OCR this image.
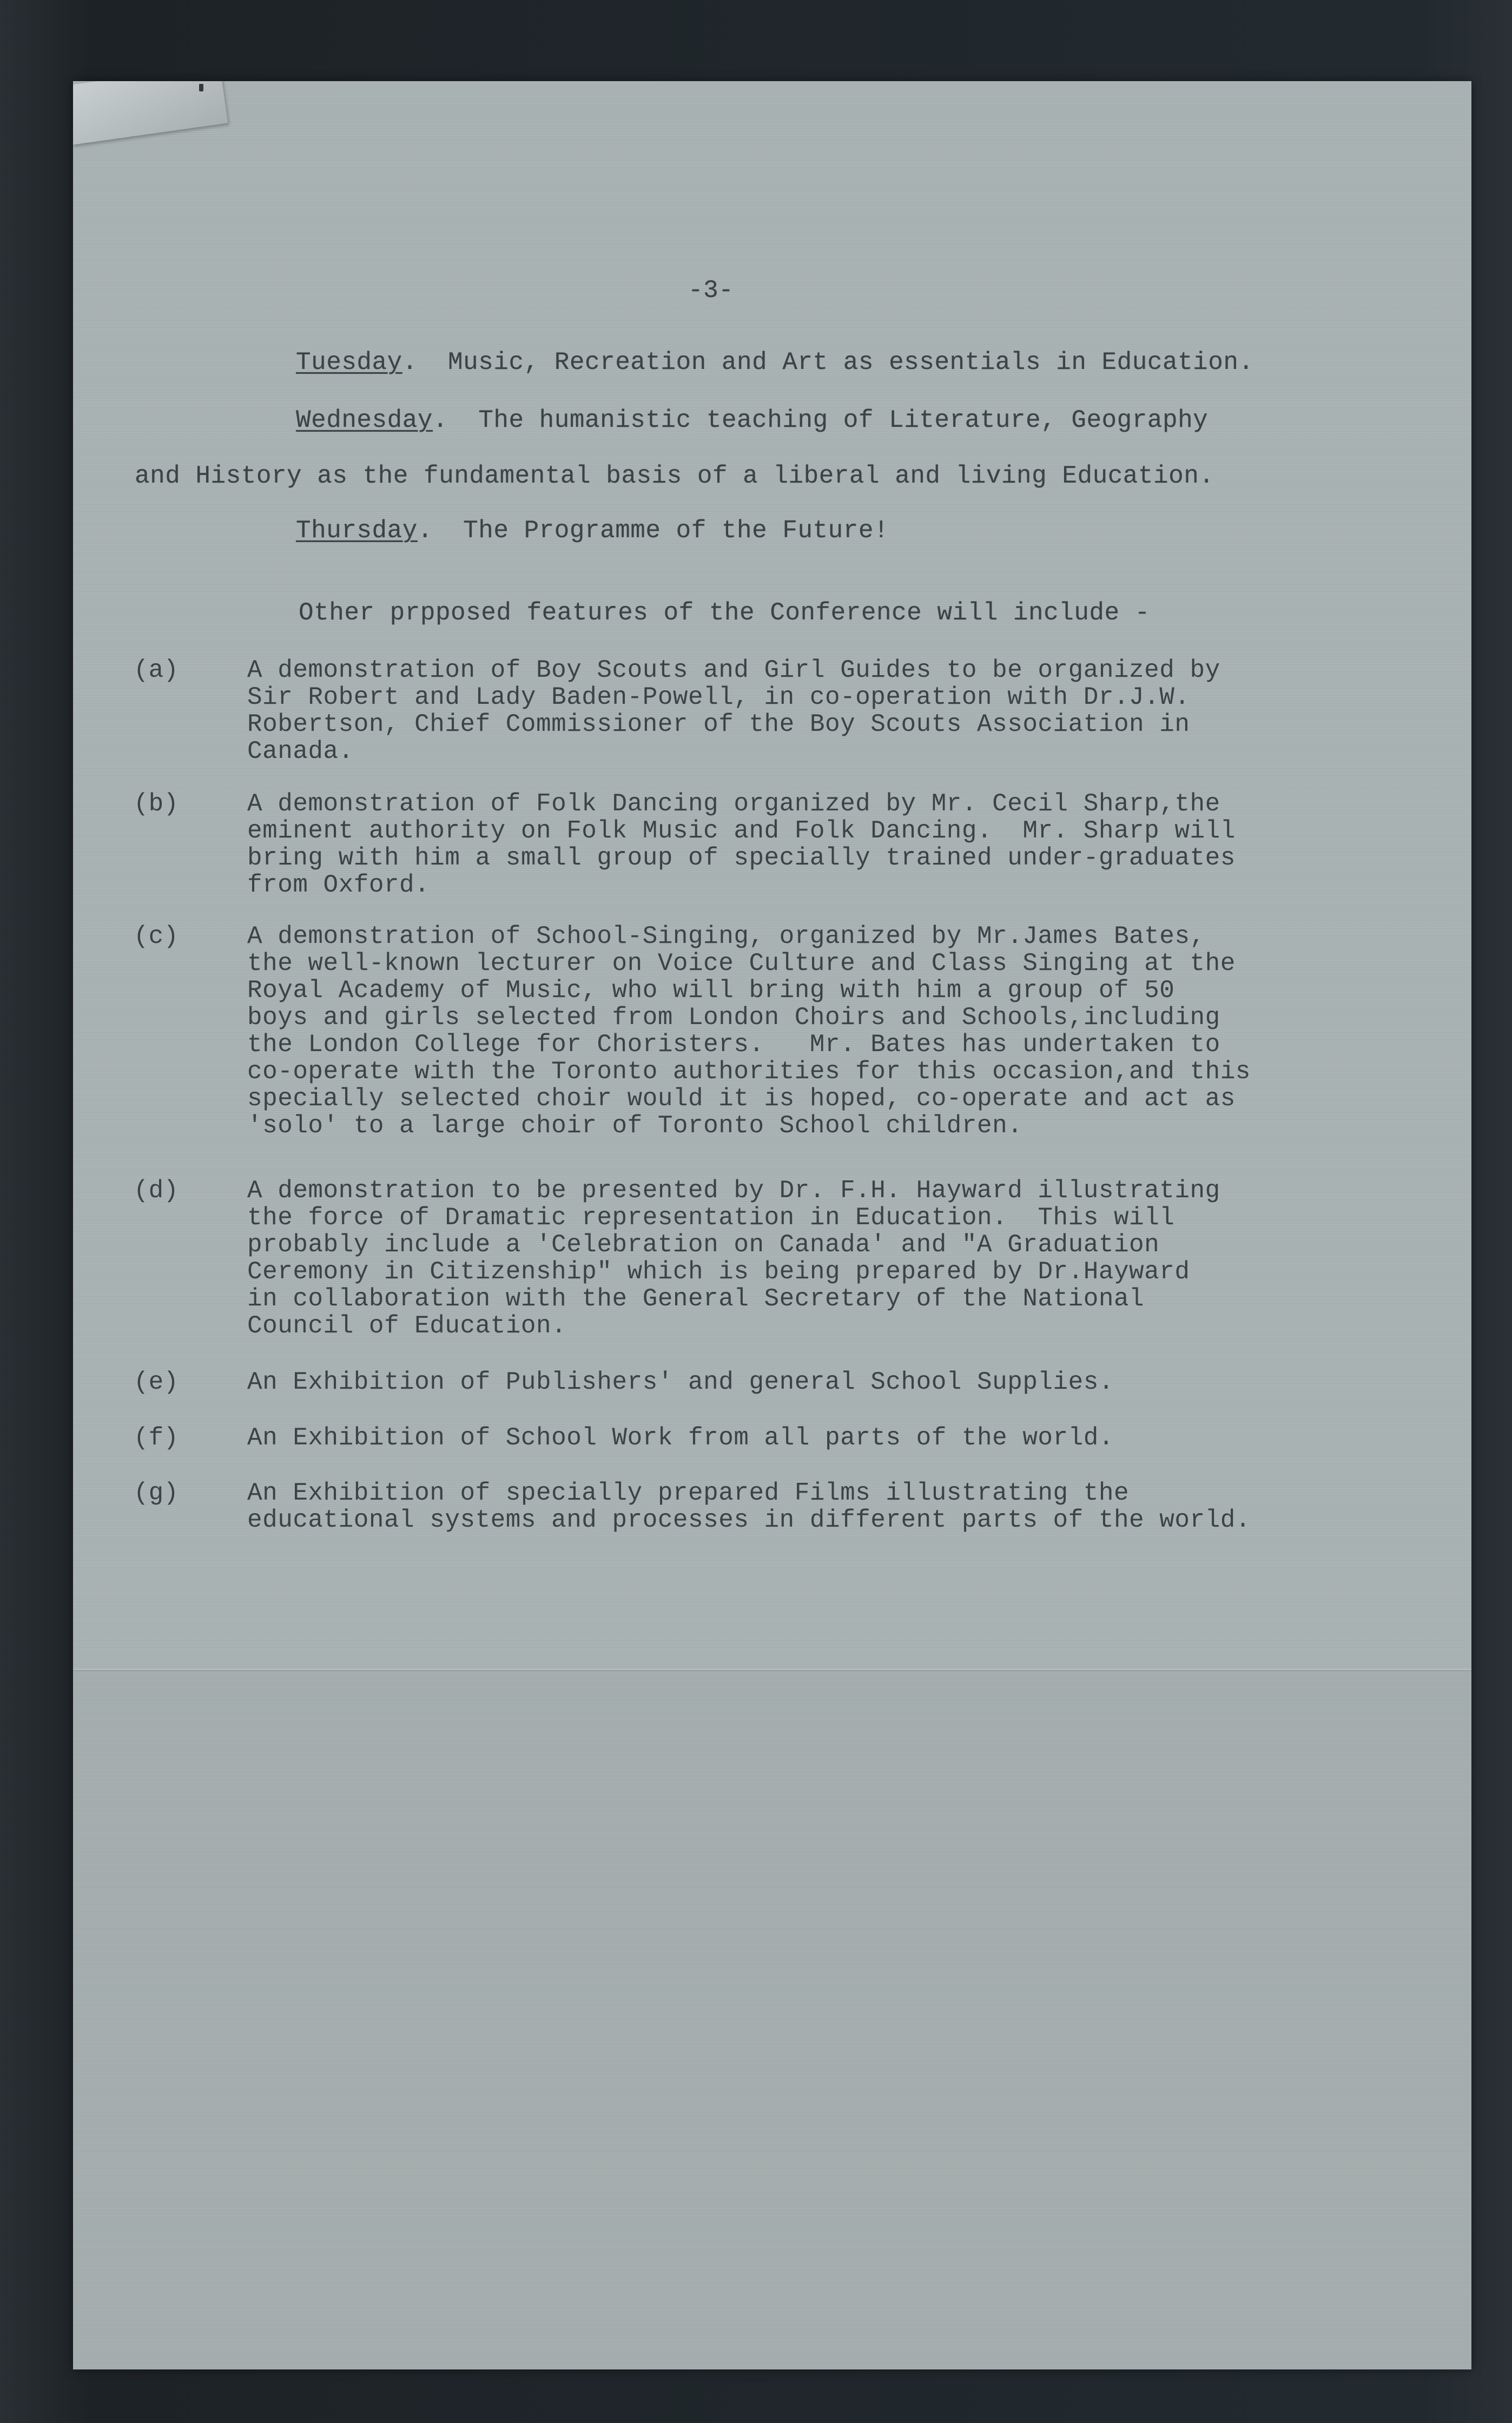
-3-
Tuesday.  Music, Recreation and Art as essentials in Education.
Wednesday.  The humanistic teaching of Literature, Geography
and History as the fundamental basis of a liberal and living Education.
Thursday.  The Programme of the Future!
Other prpposed features of the Conference will include -
(a)	A demonstration of Boy Scouts and Girl Guides to be organized by
Sir Robert and Lady Baden-Powell, in co-operation with Dr.J.W.
Robertson, Chief Commissioner of the Boy Scouts Association in
Canada.
(b)	A demonstration of Folk Dancing organized by Mr. Cecil Sharp,the
eminent authority on Folk Music and Folk Dancing.  Mr. Sharp will
bring with him a small group of specially trained under-graduates
from Oxford.
(c)	A demonstration of School-Singing, organized by Mr.James Bates,
the well-known lecturer on Voice Culture and Class Singing at the
Royal Academy of Music, who will bring with him a group of 50
boys and girls selected from London Choirs and Schools,including
the London College for Choristers.   Mr. Bates has undertaken to
co-operate with the Toronto authorities for this occasion,and this
specially selected choir would it is hoped, co-operate and act as
'solo' to a large choir of Toronto School children.
(d)	A demonstration to be presented by Dr. F.H. Hayward illustrating
the force of Dramatic representation in Education.  This will
probably include a 'Celebration on Canada' and "A Graduation
Ceremony in Citizenship" which is being prepared by Dr.Hayward
in collaboration with the General Secretary of the National
Council of Education.
(e)	An Exhibition of Publishers' and general School Supplies.
(f)	An Exhibition of School Work from all parts of the world.
(g)	An Exhibition of specially prepared Films illustrating the
educational systems and processes in different parts of the world.
